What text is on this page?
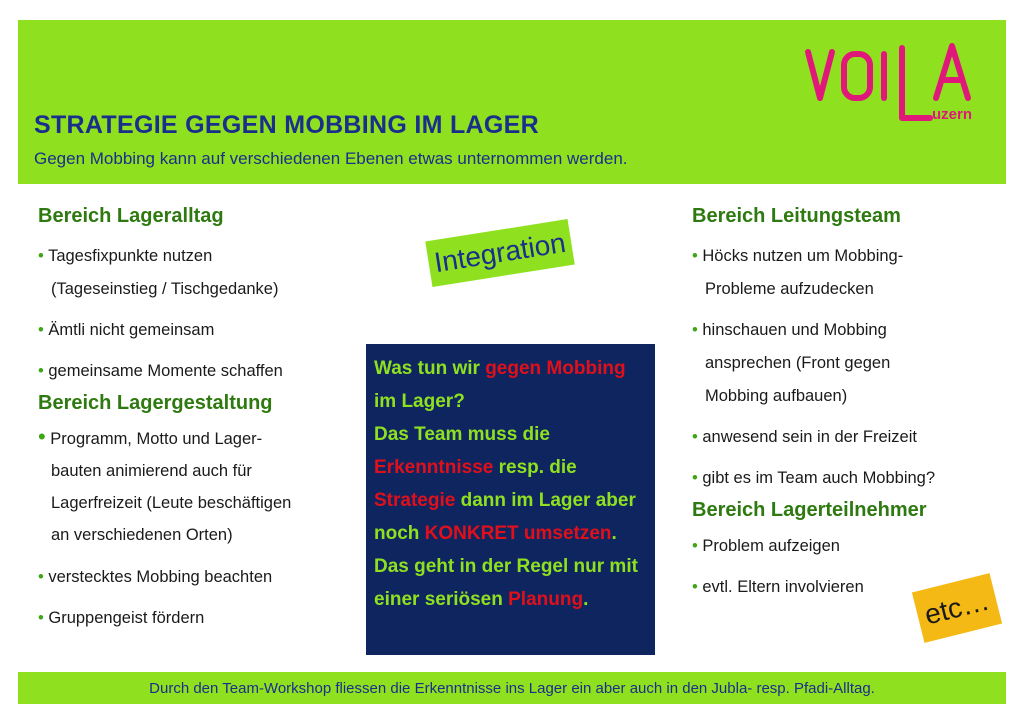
STRATEGIE GEGEN MOBBING IM LAGER
Gegen Mobbing kann auf verschiedenen Ebenen etwas unternommen werden.
uzern

Bereich Lageralltag

• Tagesfixpunkte nutzen
(Tageseinstieg / Tischgedanke)

• Ämtli nicht gemeinsam

• gemeinsame Momente schaffen

Bereich Lagergestaltung

• Programm, Motto und Lager-
bauten animierend auch für
Lagerfreizeit (Leute beschäftigen
an verschiedenen Orten)

• verstecktes Mobbing beachten

• Gruppengeist fördern

Integration
Was tun wir gegen Mobbing im Lager?
Das Team muss die Erkenntnisse resp. die Strategie dann im Lager aber noch KONKRET umsetzen. Das geht in der Regel nur mit einer seriösen Planung.

Bereich Leitungsteam

• Höcks nutzen um Mobbing-
Probleme aufzudecken

• hinschauen und Mobbing
ansprechen (Front gegen
Mobbing aufbauen)

• anwesend sein in der Freizeit

• gibt es im Team auch Mobbing?

Bereich Lagerteilnehmer

• Problem aufzeigen

• evtl. Eltern involvieren	etc…
Durch den Team-Workshop fliessen die Erkenntnisse ins Lager ein aber auch in den Jubla- resp. Pfadi-Alltag.
